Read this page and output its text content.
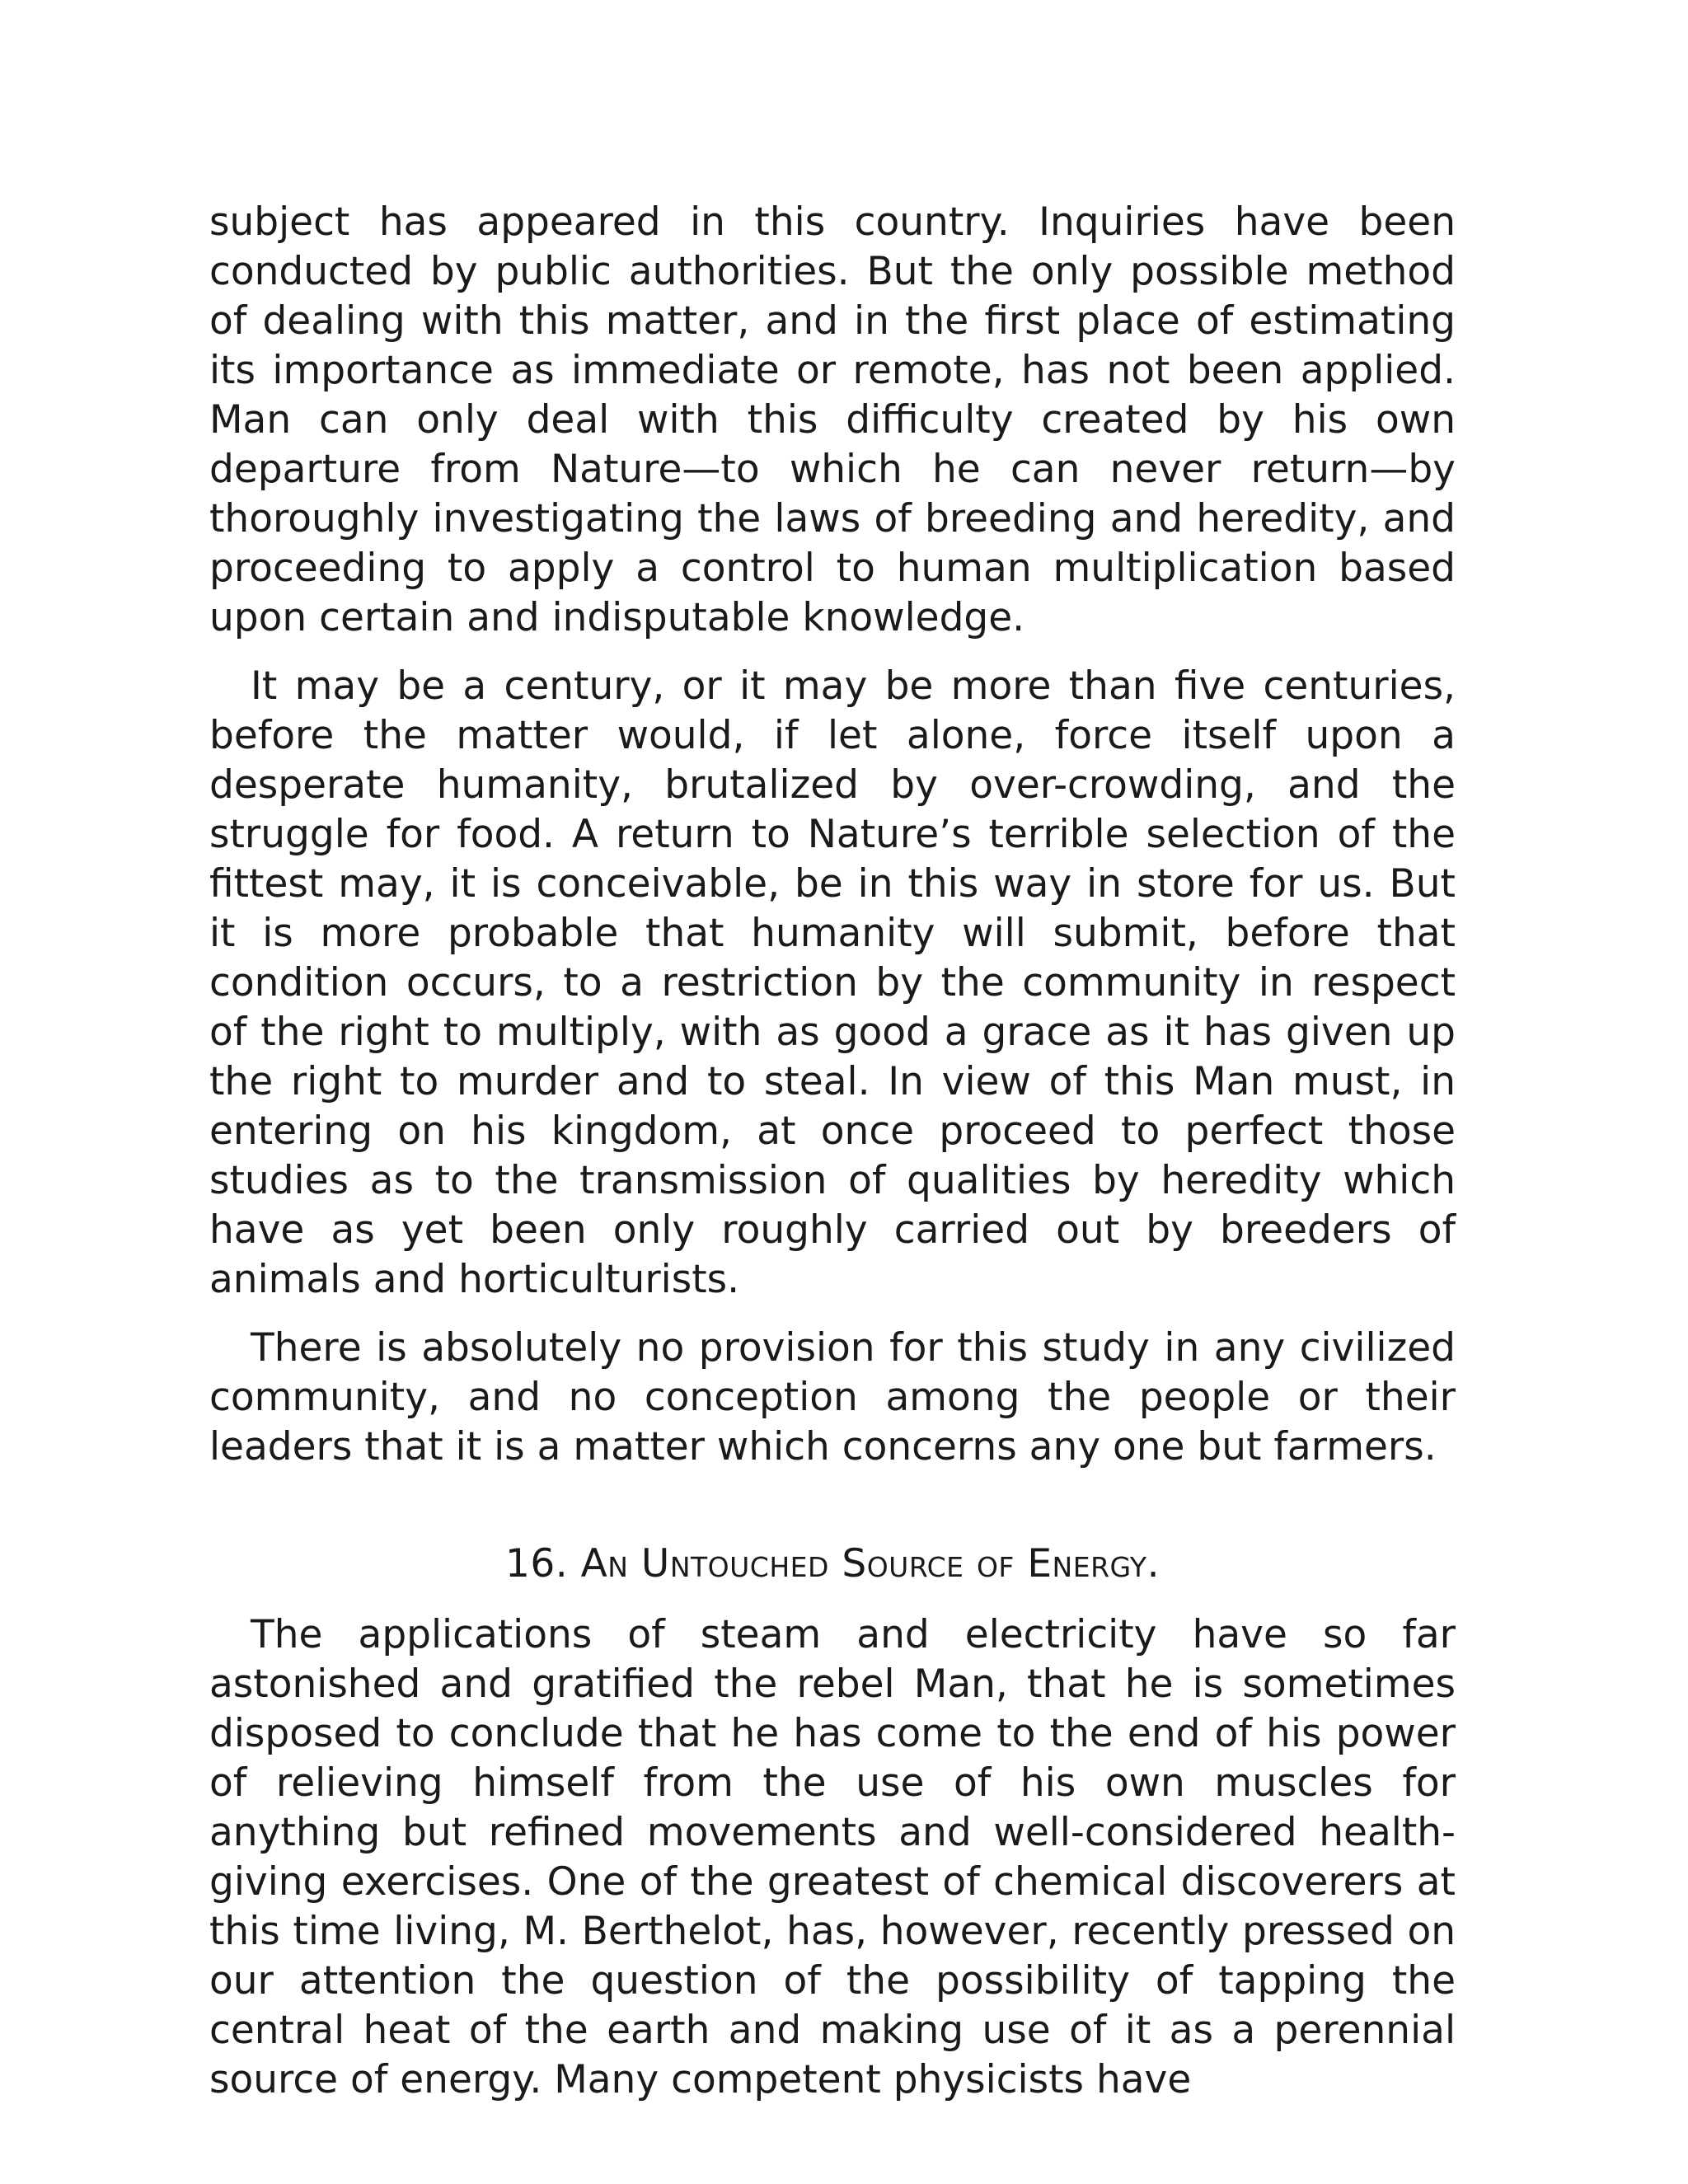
subject has appeared in this country. Inquiries have been conducted by public authorities. But the only possible method of dealing with this matter, and in the first place of estimating its importance as immediate or remote, has not been applied. Man can only deal with this difficulty created by his own departure from Nature—to which he can never return—by thoroughly investigating the laws of breeding and heredity, and proceeding to apply a control to human multiplication based upon certain and indisputable knowledge.

It may be a century, or it may be more than five centuries, before the matter would, if let alone, force itself upon a desperate humanity, brutalized by over-crowding, and the struggle for food. A return to Nature’s terrible selection of the fittest may, it is conceivable, be in this way in store for us. But it is more probable that humanity will submit, before that condition occurs, to a restriction by the community in respect of the right to multiply, with as good a grace as it has given up the right to murder and to steal. In view of this Man must, in entering on his kingdom, at once proceed to perfect those studies as to the transmission of qualities by heredity which have as yet been only roughly carried out by breeders of animals and horticulturists.

There is absolutely no provision for this study in any civilized community, and no conception among the people or their leaders that it is a matter which concerns any one but farmers.

16. An Untouched Source of Energy.

The applications of steam and electricity have so far astonished and gratified the rebel Man, that he is sometimes disposed to conclude that he has come to the end of his power of relieving himself from the use of his own muscles for anything but refined movements and well-considered health-giving exercises. One of the greatest of chemical discoverers at this time living, M. Berthelot, has, however, recently pressed on our attention the question of the possibility of tapping the central heat of the earth and making use of it as a perennial source of energy. Many competent physicists have
